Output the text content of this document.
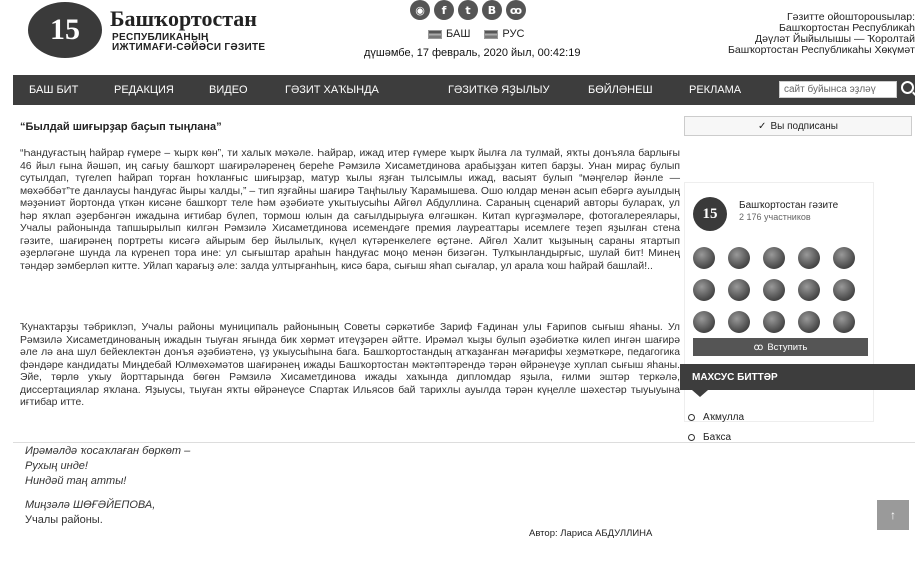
15	Башҡортостан
РЕСПУБЛИКАНЫҢ
ИЖТИМАҒИ-СӘЙӘСИ ГӘЗИТЕ
◉	f	t	B	ꝏ
БАШ	РУС
дүшәмбе, 17 февраль, 2020 йыл, 00:42:19
Гәзитте ойошторousылар:
Башҡортостан Республикаһ
Дәүләт Йыйылышы — Ҡоролтай
Башҡортостан Республикаһы Хөкүмәт
БАШ БИТ	РЕДАКЦИЯ	ВИДЕО	ГӘЗИТ ХАҠЫНДА	ГӘЗИТКӘ ЯҘЫЛЫУ	БӨЙЛӘНЕШ	РЕКЛАМА	сайт буйынса эҙләү
“Былдай шиғырҙар баҫып тыңлана”
“Һандуғастың һайрар ғүмере – ҡырҡ көн”, ти халыҡ мәҡәле. Һайрар, ижад итер ғүмере ҡырҡ йылға ла тулмай, яҡты донъяла барлығы 46 йыл ғына йәшәп, иң сағыу башҡорт шағирәләренең береһе Рәмзилә Хисаметдинова арабыҙҙан китеп барҙы. Унан мираҫ булып сутылдап, түгелеп һайрап торған һоҡланғыс шиғырҙар, матур ҡылы яҙған тылсымлы ижад, васыят булып “мәңгеләр йәнле — мөхәббәт”те данлаусы һандуғас йыры ҡалды,” – тип яҙғайны шағирә Таңһылыу Ҡарамышева. Ошо юлдар менән асып ебәргә ауылдың мәҙәниәт йортонда үткән кисәне башҡорт теле һәм әҙәбиәте уҡытыусыһы Айгөл Абдуллина. Сараның сценарий авторы булараҡ, ул һәр яҡлап әҙербәнгән ижадына иғтибар бүлеп, тормош юлын да сағылдырыуға өлгәшкән. Китап күргәҙмәләре, фотогалереялары, Учалы районында тапшырылып килгән Рәмзилә Хисаметдинова исемендәге премия лауреаттары исемлеге теҙеп яҙылған стена гәзите, шағирәнең портреты кисәгә айырым бер йылылыҡ, күңел күтәренкелеге өҫтәне. Айгөл Халит ҡыҙының сараны ятартып әҙерләгәне шунда ла күренеп тора ине: ул сығыштар араһын һандуғас моңо менән бизәгән. Тулҡынландырғыс, шулай бит! Минең тәндәр зәмберләп китте. Уйлап ҡарағыҙ әле: залда ултырғанһың, кисә бара, сығыш яһап сығалар, ул арала ҡош һайрай башлай!..
Ҡунаҡтарҙы тәбриклэп, Учалы районы муниципаль районының Советы сәркәтибе Зариф Ғадинан улы Ғарипов сығыш яһаны. Ул Рәмзилә Хисаметдинованың ижадын тыуған яғында бик хөрмәт итеүҙәрен әйтте. Ирәмәл ҡыҙы булып әҙәбиәткә килеп ингән шағирә әле лә ана шул бейеклектән донъя әҙәбиәтенә, үҙ укыусыһына бага. Башҡортостандың атҡаҙанған мәғарифы хеҙмәткәре, педагогика фәндәре кандидаты Миңдебай Юлмөхәмәтов шағирәнең ижады Башҡортостан мәктәптәрендә тәрән өйрәнеүҙе хуплап сығыш яһаны. Эйе, төрлө уҡыу йорттарында бөгөн Рәмзилә Хисаметдинова ижады хаҡында дипломдар яҙыла, ғилми эштәр теркәлә, диссертациялар яҡлана. Яҙыусы, тыуған яҡты өйрәнеүсе Спартак Ильясов бай тарихлы ауылда тәрән күңелле шәхестәр тыуыуына иғтибар итте.
Ирәмәлдә ҡосаҡлаған бөркөт –
Рухың инде!
Ниндәй таң атты!
Миңзәлә ШӨҒӘЙЕПОВА,
Учалы районы.
Автор: Лариса АБДУЛЛИНА
✓ Вы подписаны
15	Башҡортостан гәзите
2 176 участников
ꝏ Вступить
МАХСУС БИТТӘР
Аҡмулла
Баҡса
↑
